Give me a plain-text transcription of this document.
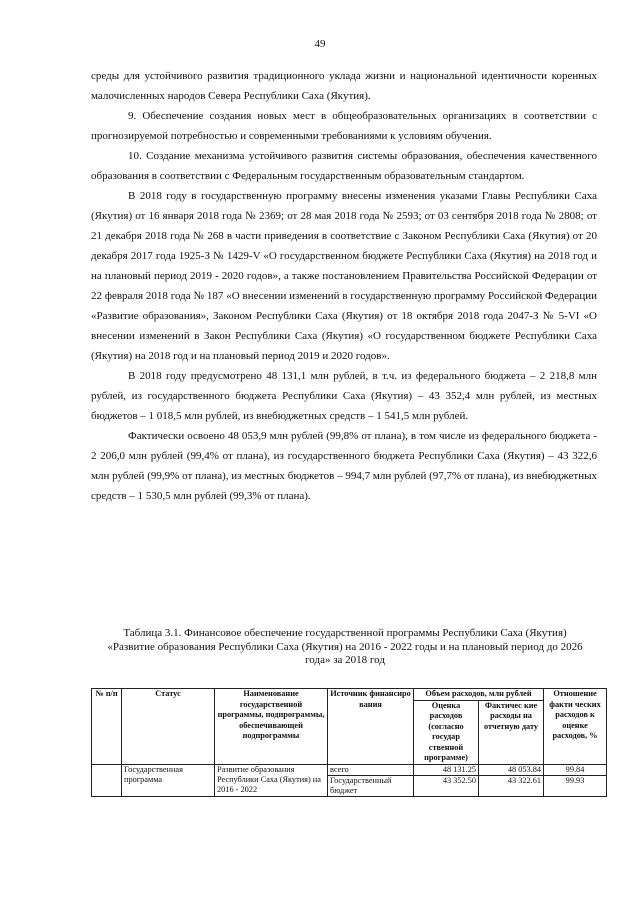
49

среды для устойчивого развития традиционного уклада жизни и национальной идентичности коренных малочисленных народов Севера Республики Саха (Якутия).

9. Обеспечение создания новых мест в общеобразовательных организациях в соответствии с прогнозируемой потребностью и современными требованиями к условиям обучения.

10. Создание механизма устойчивого развития системы образования, обеспечения качественного образования в соответствии с Федеральным государственным образовательным стандартом.

В 2018 году в государственную программу внесены изменения указами Главы Республики Саха (Якутия) от 16 января 2018 года № 2369; от 28 мая 2018 года № 2593; от 03 сентября 2018 года № 2808; от 21 декабря 2018 года № 268 в части приведения в соответствие с Законом Республики Саха (Якутия) от 20 декабря 2017 года 1925-З № 1429-V «О государственном бюджете Республики Саха (Якутия) на 2018 год и на плановый период 2019 - 2020 годов», а также постановлением Правительства Российской Федерации от 22 февраля 2018 года № 187 «О внесении изменений в государственную программу Российской Федерации «Развитие образования», Законом Республики Саха (Якутия) от 18 октября 2018 года 2047-З № 5-VI «О внесении изменений в Закон Республики Саха (Якутия) «О государственном бюджете Республики Саха (Якутия) на 2018 год и на плановый период 2019 и 2020 годов».

В 2018 году предусмотрено 48 131,1 млн рублей, в т.ч. из федерального бюджета – 2 218,8 млн рублей, из государственного бюджета Республики Саха (Якутия) – 43 352,4 млн рублей, из местных бюджетов – 1 018,5 млн рублей, из внебюджетных средств – 1 541,5 млн рублей.

Фактически освоено 48 053,9 млн рублей (99,8% от плана), в том числе из федерального бюджета - 2 206,0 млн рублей (99,4% от плана), из государственного бюджета Республики Саха (Якутия) – 43 322,6 млн рублей (99,9% от плана), из местных бюджетов – 994,7 млн рублей (97,7% от плана), из внебюджетных средств – 1 530,5 млн рублей (99,3% от плана).

Таблица 3.1. Финансовое обеспечение государственной программы Республики Саха (Якутия) «Развитие образования Республики Саха (Якутия) на 2016 - 2022 годы и на плановый период до 2026 года» за 2018 год
№ п/п	Статус	Наименование государственной программы, подпрограммы, обеспечивающей подпрограммы	Источник финансиро вания	Объем расходов, млн рублей		Отношение факти ческих расходов к оценке расходов, %
				Оценка расходов (согласно государ ственной программе)	Фактичес кие расходы на отчетную дату	
	Государственная программа	Развитие образования Республики Саха (Якутия) на 2016 - 2022	всего	48 131.25	48 053.84	99.84
			Государственный бюджет	43 352.50	43 322.61	99.93
